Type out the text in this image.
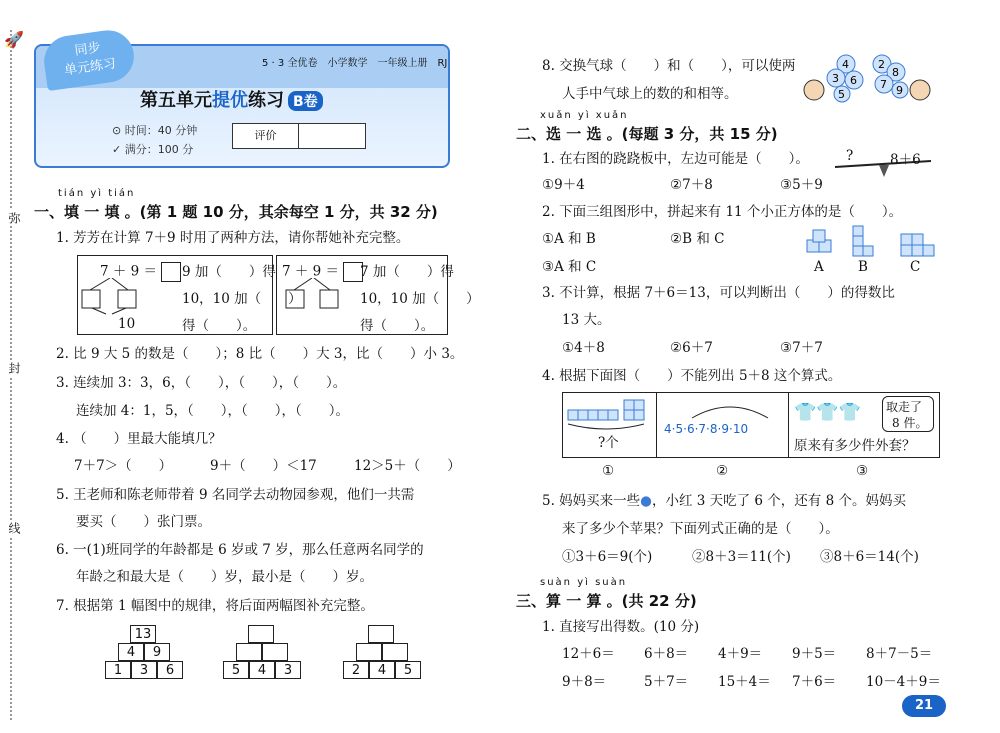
🚀
弥
封
线
同步
单元练习	5 · 3 全优卷　小学数学　一年级上册　RJ
第五单元提优练习 B卷
⊙ 时间：40 分钟
✓ 满分：100 分
评价
tián yì tián
一、填 一 填 。(第 1 题 10 分，其余每空 1 分，共 32 分)
1. 芳芳在计算 7＋9 时用了两种方法，请你帮她补充完整。
7 ＋ 9 ＝
10
9 加（　　）得
10，10 加（　　）
得（　　）。
7 ＋ 9 ＝	7 加（　　）得
10，10 加（　　）
得（　　）。
2. 比 9 大 5 的数是（　　）；8 比（　　）大 3，比（　　）小 3。
3. 连续加 3：3，6，（　　），（　　），（　　）。
连续加 4：1，5，（　　），（　　），（　　）。
4. （　　）里最大能填几？
7＋7＞（　　）	9＋（　　）＜17	12＞5＋（　　）
5. 王老师和陈老师带着 9 名同学去动物园参观，他们一共需
要买（　　）张门票。
6. 一(1)班同学的年龄都是 6 岁或 7 岁，那么任意两名同学的
年龄之和最大是（　　）岁，最小是（　　）岁。
7. 根据第 1 幅图中的规律，将后面两幅图补充完整。
13
4	9
1	3	6	5	4	3	2	4	5
8. 交换气球（　　）和（　　），可以使两
人手中气球上的数的和相等。
4
3 6
5
2
8
7 9
xuǎn yì xuǎn
二、选 一 选 。(每题 3 分，共 15 分)
1. 在右图的跷跷板中，左边可能是（　　）。	?	8＋6
①9＋4	②7＋8	③5＋9
2. 下面三组图形中，拼起来有 11 个小正方体的是（　　）。
①A 和 B	②B 和 C
③A 和 C	A	B	C
3. 不计算，根据 7＋6＝13，可以判断出（　　）的得数比
13 大。
①4＋8	②6＋7	③7＋7
4. 根据下面图（　　）不能列出 5＋8 这个算式。
?个
4·5·6·7·8·9·10
👕👕👕 取走了
8 件。
原来有多少件外套？
①	②	③
5. 妈妈买来一些●，小红 3 天吃了 6 个，还有 8 个。妈妈买
来了多少个苹果？下面列式正确的是（　　）。
①3＋6＝9(个)	②8＋3＝11(个) ③8＋6＝14(个)
suàn yì suàn
三、算 一 算 。(共 22 分)
1. 直接写出得数。(10 分)
12＋6＝ 6＋8＝ 4＋9＝ 9＋5＝ 8＋7－5＝
9＋8＝	5＋7＝ 15＋4＝ 7＋6＝ 10－4＋9＝
21
